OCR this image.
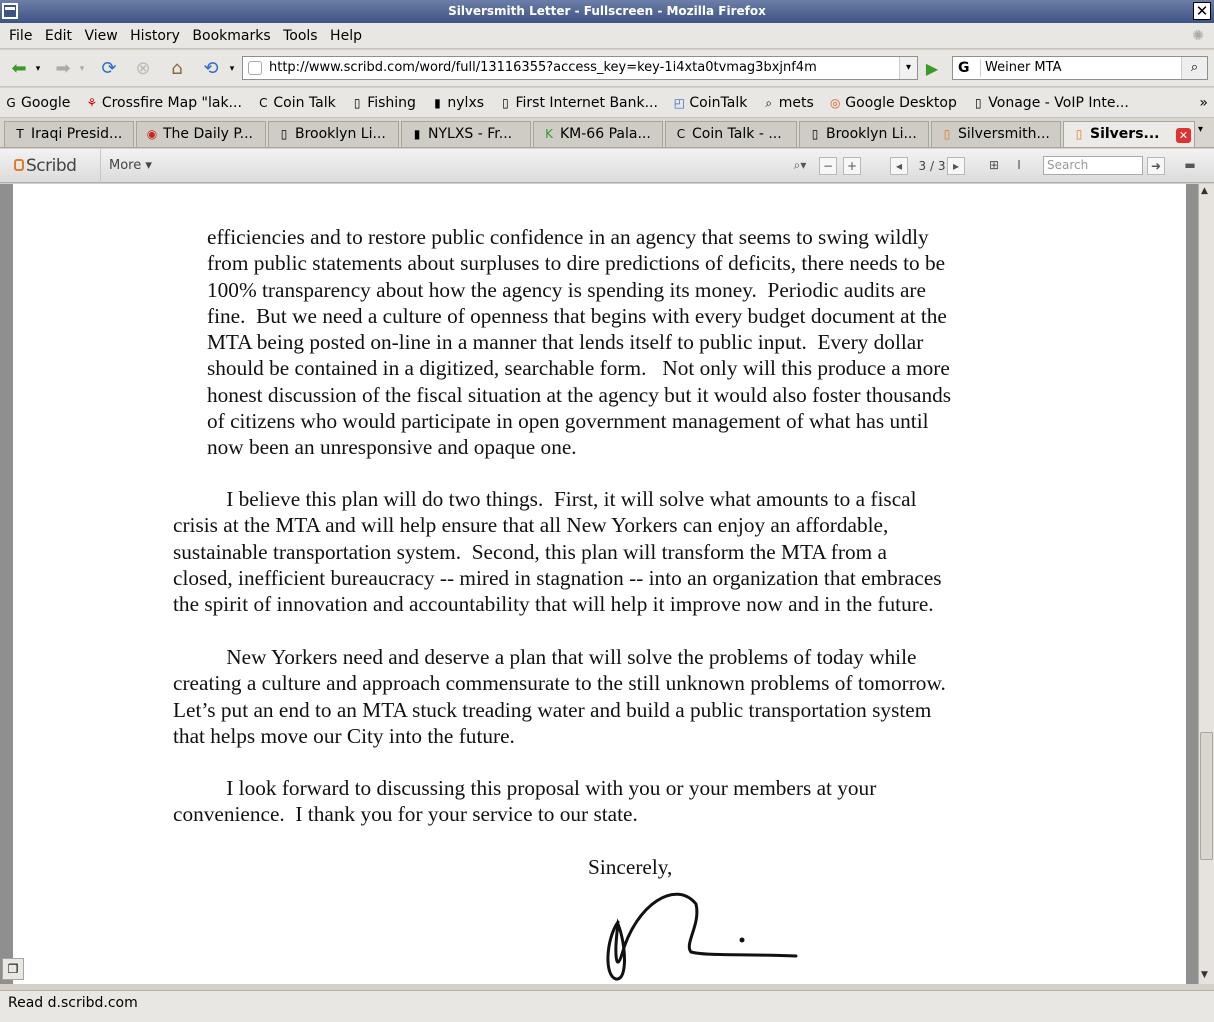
Silversmith Letter - Fullscreen - Mozilla Firefox	✕
File Edit View History Bookmarks Tools Help	✺
⬅	▾ ➡	▾ ⟳	⊗	⌂	⟲	▾	http://www.scribd.com/word/full/13116355?access_key=key-1i4xta0tvmag3bxjnf4m	▾ ▶	G	Weiner MTA	⌕
G Google ⚘ Crossfire Map "lak... C Coin Talk ▯ Fishing ▮ nylxs ▯ First Internet Bank... ◰ CoinTalk ⌕ mets ◎ Google Desktop ▯ Vonage - VoIP Inte...	»
T Iraqi Presid...	◉ The Daily P...	▯ Brooklyn Li...	▮ NYLXS - Fr...	K KM-66 Pala...	C Coin Talk - ...	▯ Brooklyn Li...	▯ Silversmith...	▯ Silvers... ✕ ▾
Scribd	More ▾	⌕▾	−	+	◂	3 / 3 ▸	⊞	I	Search	➜	▬
efficiencies and to restore public confidence in an agency that seems to swing wildly
from public statements about surpluses to dire predictions of deficits, there needs to be
100% transparency about how the agency is spending its money.  Periodic audits are
fine.  But we need a culture of openness that begins with every budget document at the
MTA being posted on-line in a manner that lends itself to public input.  Every dollar
should be contained in a digitized, searchable form.   Not only will this produce a more
honest discussion of the fiscal situation at the agency but it would also foster thousands
of citizens who would participate in open government management of what has until
now been an unresponsive and opaque one.
I believe this plan will do two things.  First, it will solve what amounts to a fiscal
crisis at the MTA and will help ensure that all New Yorkers can enjoy an affordable,
sustainable transportation system.  Second, this plan will transform the MTA from a
closed, inefficient bureaucracy -- mired in stagnation -- into an organization that embraces
the spirit of innovation and accountability that will help it improve now and in the future.
New Yorkers need and deserve a plan that will solve the problems of today while
creating a culture and approach commensurate to the still unknown problems of tomorrow.
Let’s put an end to an MTA stuck treading water and build a public transportation system
that helps move our City into the future.
I look forward to discussing this proposal with you or your members at your
convenience.  I thank you for your service to our state.
Sincerely,
▲
▼
❐
Read d.scribd.com
